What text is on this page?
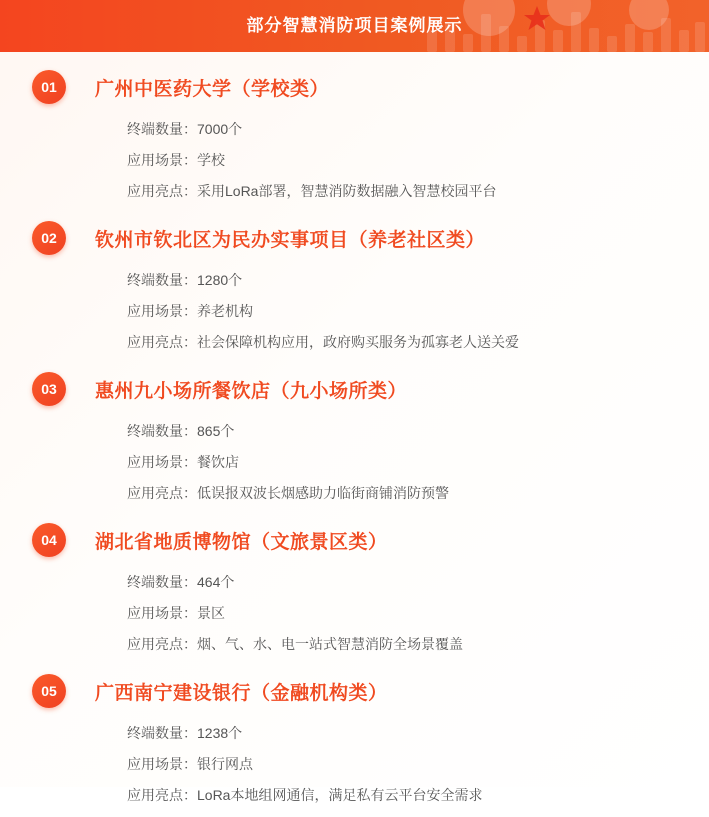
部分智慧消防项目案例展示
01	广州中医药大学（学校类）
终端数量： 7000个
应用场景： 学校
应用亮点： 采用LoRa部署，智慧消防数据融入智慧校园平台
02	钦州市钦北区为民办实事项目（养老社区类）
终端数量： 1280个
应用场景： 养老机构
应用亮点： 社会保障机构应用，政府购买服务为孤寡老人送关爱
03	惠州九小场所餐饮店（九小场所类）
终端数量： 865个
应用场景： 餐饮店
应用亮点： 低误报双波长烟感助力临街商铺消防预警
04	湖北省地质博物馆（文旅景区类）
终端数量： 464个
应用场景： 景区
应用亮点： 烟、气、水、电一站式智慧消防全场景覆盖
05	广西南宁建设银行（金融机构类）
终端数量： 1238个
应用场景： 银行网点
应用亮点： LoRa本地组网通信，满足私有云平台安全需求
